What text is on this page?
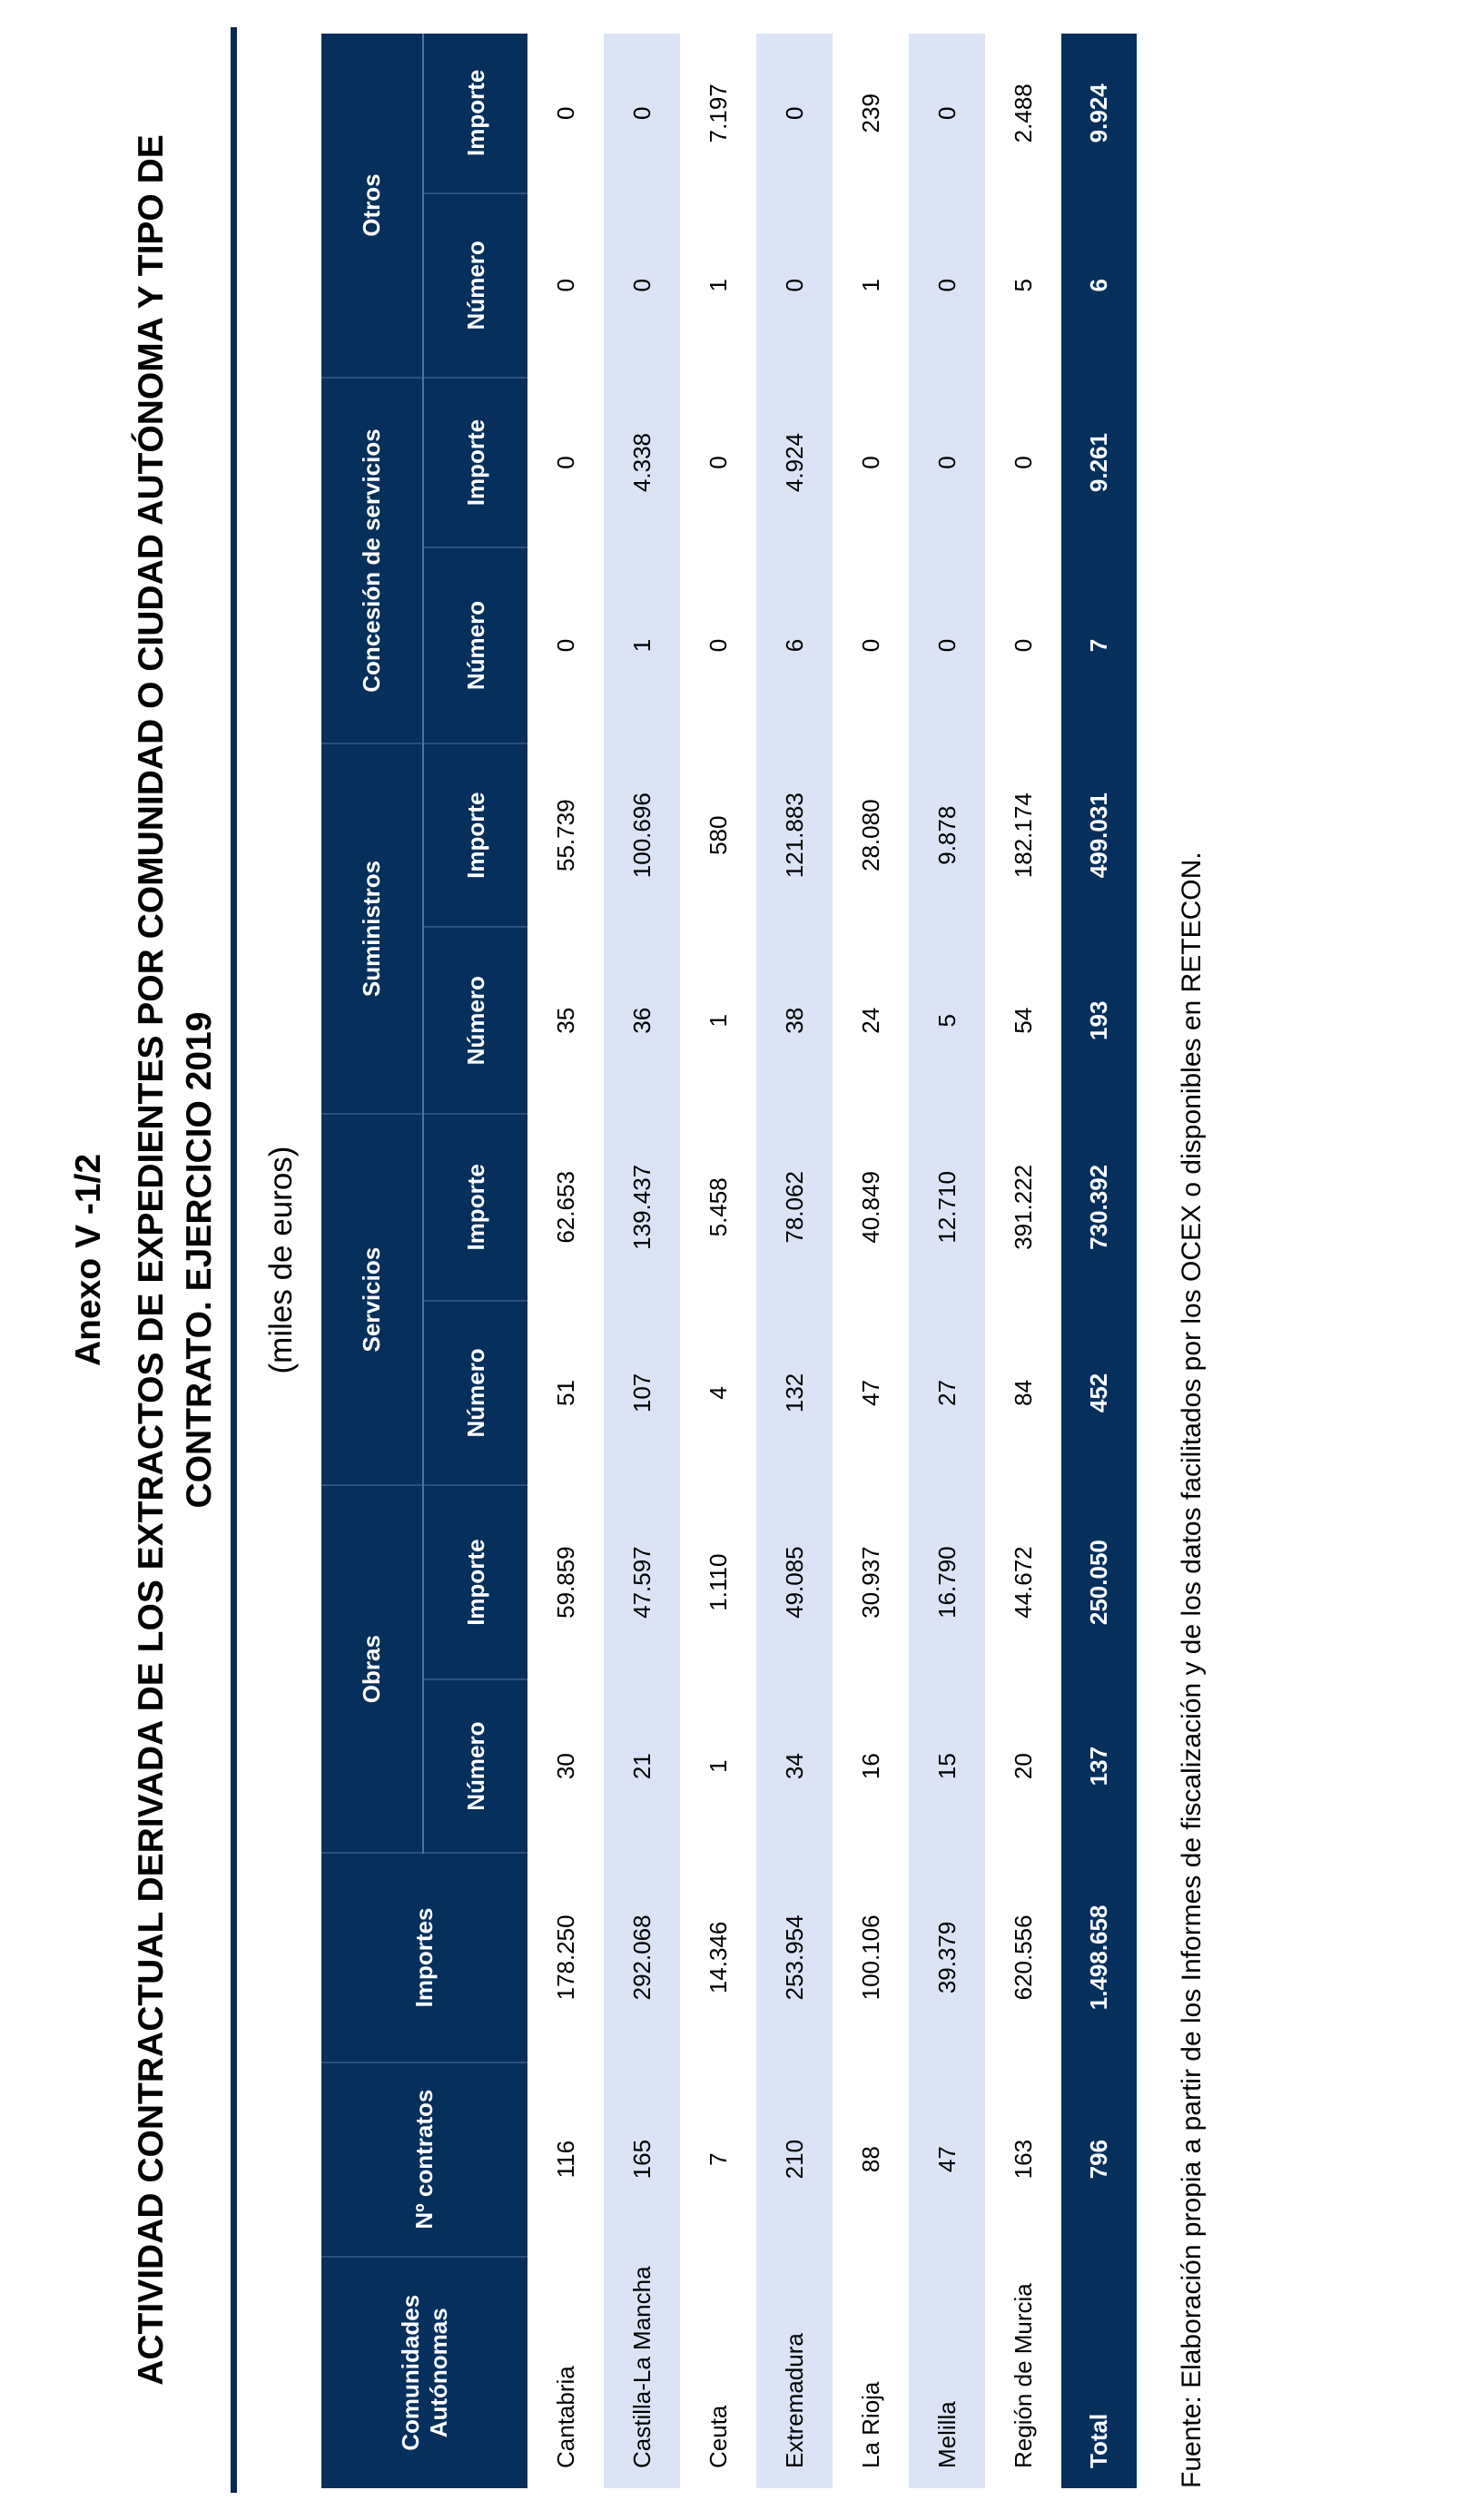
Anexo V -1/2 ACTIVIDAD CONTRACTUAL DERIVADA DE LOS EXTRACTOS DE EXPEDIENTES POR COMUNIDAD O CIUDAD AUTÓNOMA Y TIPO DE CONTRATO. EJERCICIO 2019 (miles de euros)
Comunidades Autónomas	Nº contratos	Importes	Obras		Servicios		Suministros		Concesión de servicios		Otros	
			Número	Importe	Número	Importe	Número	Importe	Número	Importe	Número	Importe
Cantabria	116	178.250	30	59.859	51	62.653	35	55.739	0	0	0	0
Castilla-La Mancha	165	292.068	21	47.597	107	139.437	36	100.696	1	4.338	0	0
Ceuta	7	14.346	1	1.110	4	5.458	1	580	0	0	1	7.197
Extremadura	210	253.954	34	49.085	132	78.062	38	121.883	6	4.924	0	0
La Rioja	88	100.106	16	30.937	47	40.849	24	28.080	0	0	1	239
Melilla	47	39.379	15	16.790	27	12.710	5	9.878	0	0	0	0
Región de Murcia	163	620.556	20	44.672	84	391.222	54	182.174	0	0	5	2.488
Total	796	1.498.658	137	250.050	452	730.392	193	499.031	7	9.261	6	9.924
Fuente: Elaboración propia a partir de los Informes de fiscalización y de los datos facilitados por los OCEX o disponibles en RETECON.
